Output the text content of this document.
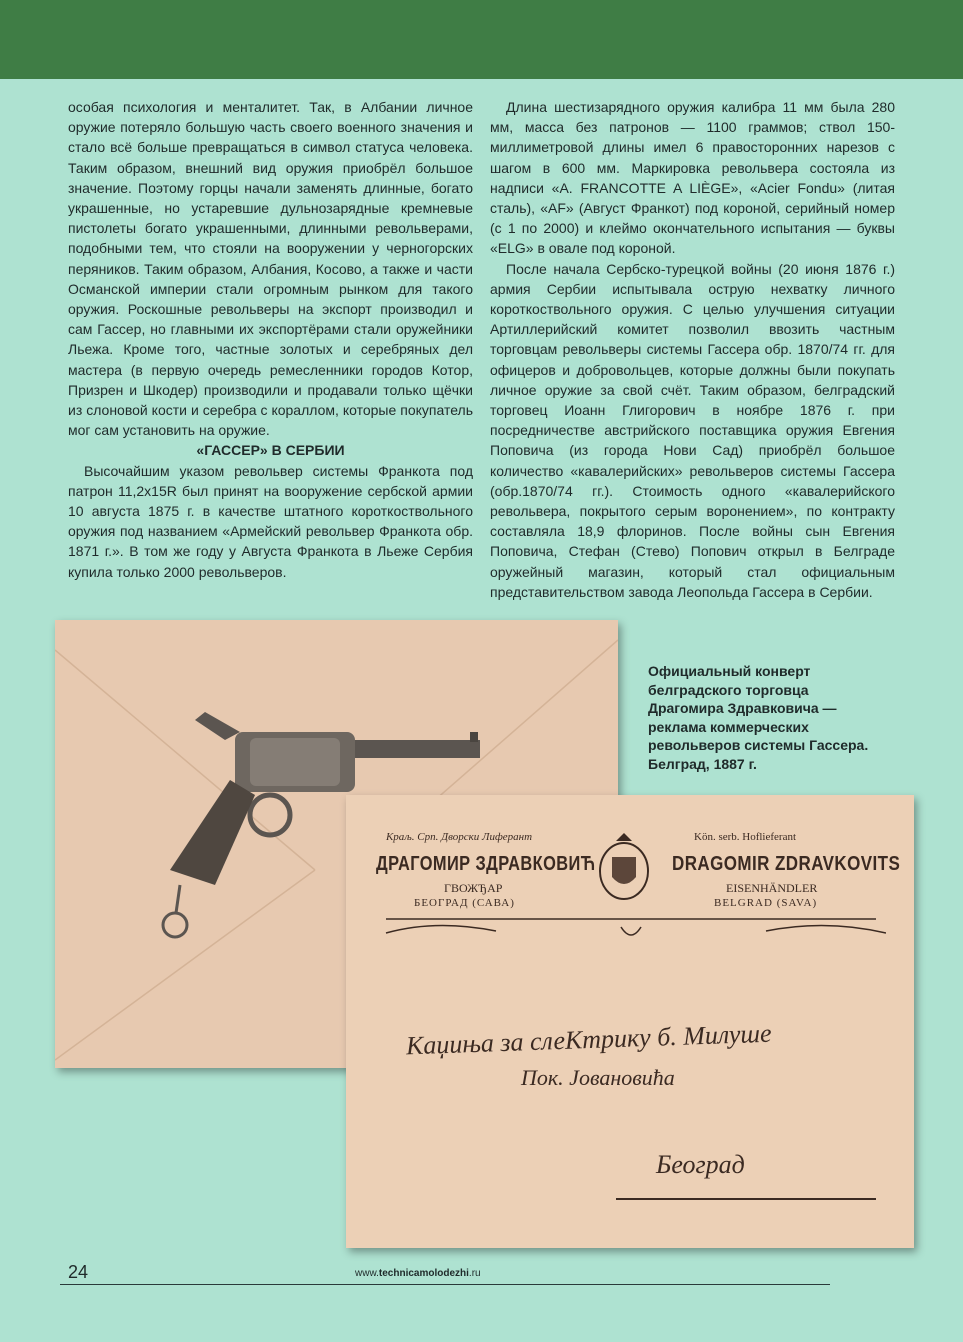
особая психология и менталитет. Так, в Албании личное оружие потеряло большую часть своего военного значения и стало всё больше превращаться в символ статуса человека. Таким образом, внешний вид оружия приобрёл большое значение. Поэтому горцы начали заменять длинные, богато украшенные, но устаревшие дульнозарядные кремневые пистолеты богато украшенными, длинными револьверами, подобными тем, что стояли на вооружении у черногорских перяников. Таким образом, Албания, Косово, а также и части Османской империи стали огромным рынком для такого оружия. Роскошные револьверы на экспорт производил и сам Гассер, но главными их экспортёрами стали оружейники Льежа. Кроме того, частные золотых и серебряных дел мастера (в первую очередь ремесленники городов Котор, Призрен и Шкодер) производили и продавали только щёчки из слоновой кости и серебра с кораллом, которые покупатель мог сам установить на оружие.

«ГАССЕР» В СЕРБИИ

Высочайшим указом револьвер системы Франкота под патрон 11,2x15R был принят на вооружение сербской армии 10 августа 1875 г. в качестве штатного короткоствольного оружия под названием «Армейский револьвер Франкота обр. 1871 г.». В том же году у Августа Франкота в Льеже Сербия купила только 2000 револьверов.

Длина шестизарядного оружия калибра 11 мм была 280 мм, масса без патронов — 1100 граммов; ствол 150-миллиметровой длины имел 6 правосторонних нарезов с шагом в 600 мм. Маркировка револьвера состояла из надписи «A. FRANCOTTE A LIÈGE», «Acier Fondu» (литая сталь), «AF» (Август Франкот) под короной, серийный номер (с 1 по 2000) и клеймо окончательного испытания — буквы «ELG» в овале под короной.

После начала Сербско-турецкой войны (20 июня 1876 г.) армия Сербии испытывала острую нехватку личного короткоствольного оружия. С целью улучшения ситуации Артиллерийский комитет позволил ввозить частным торговцам револьверы системы Гассера обр. 1870/74 гг. для офицеров и добровольцев, которые должны были покупать личное оружие за свой счёт. Таким образом, белградский торговец Иоанн Глигорович в ноябре 1876 г. при посредничестве австрийского поставщика оружия Евгения Поповича (из города Нови Сад) приобрёл большое количество «кавалерийских» револьверов системы Гассера (обр.1870/74 гг.). Стоимость одного «кавалерийского револьвера, покрытого серым воронением», по контракту составляла 18,9 флоринов. После войны сын Евгения Поповича, Стефан (Стево) Попович открыл в Белграде оружейный магазин, который стал официальным представительством завода Леопольда Гассера в Сербии.

Официальный конверт белградского торговца Драгомира Здравковича — реклама коммерческих револьверов системы Гассера. Белград, 1887 г.
Краљ. Срп. Дворски Лиферант
ДРАГОМИР ЗДРАВКОВИЋ
ГВОЖЂАР
БЕОГРАД (САВА)
Kön. serb. Hoflieferant
DRAGOMIR ZDRAVKOVITS
EISENHÄNDLER
BELGRAD (SAVA)
Каџиња за слеКтрику б. Милуше
Пок. Јовановића
Београд
24	www.technicamolodezhi.ru
